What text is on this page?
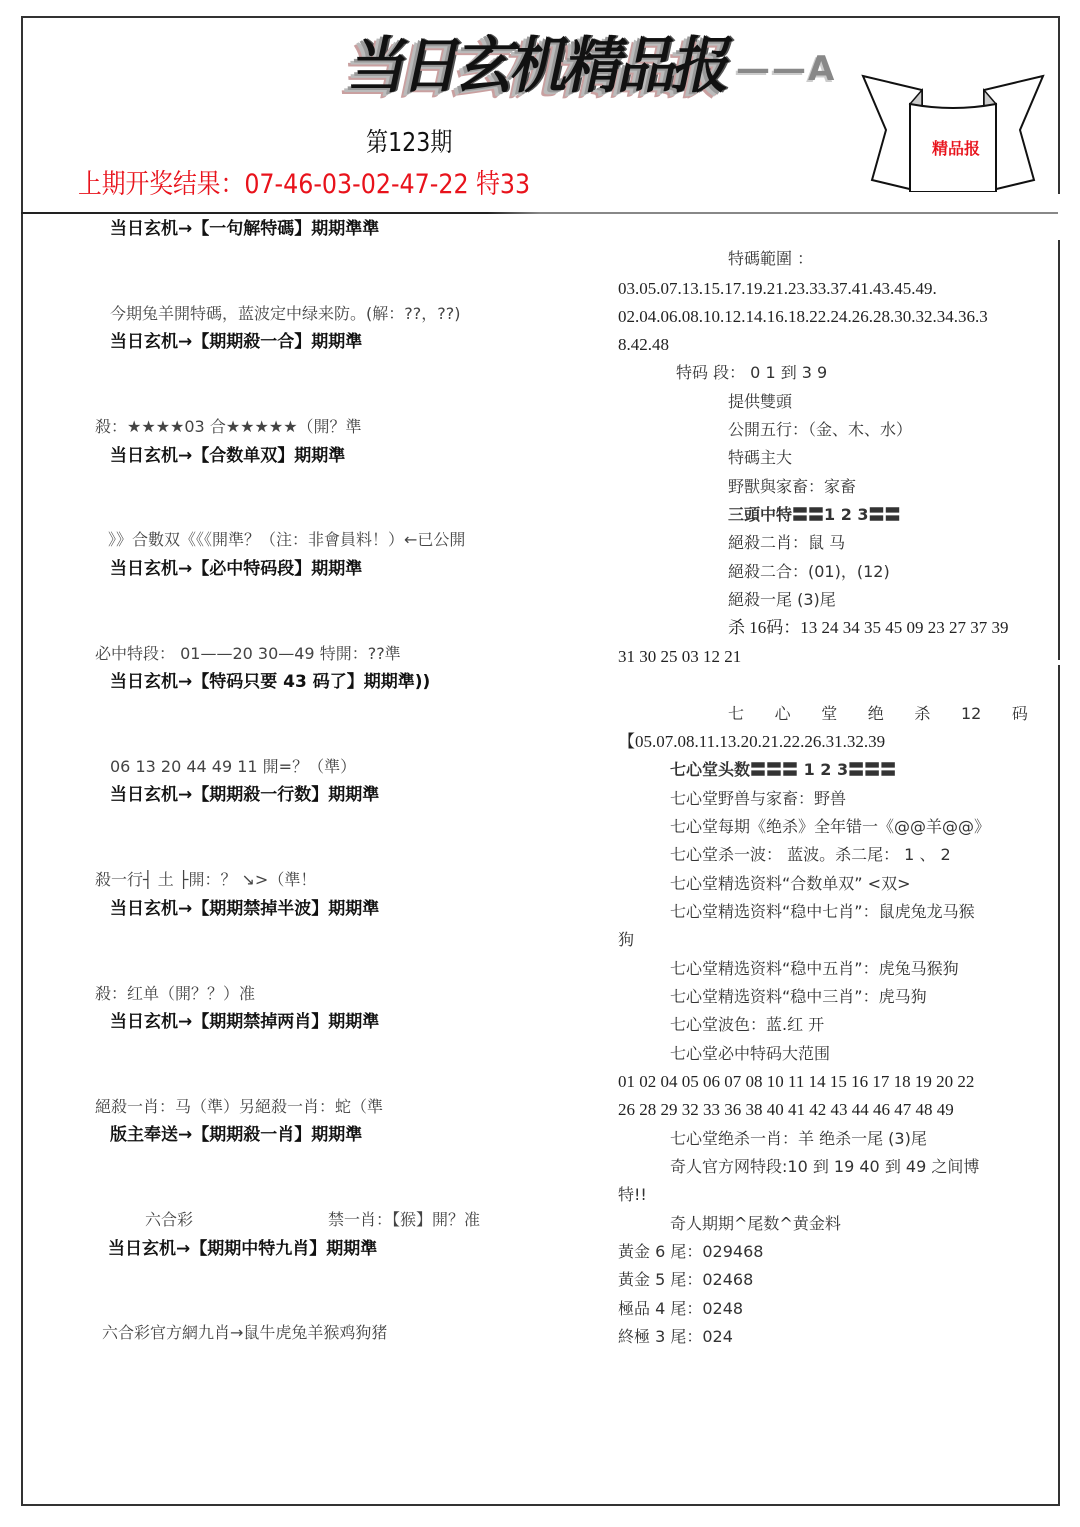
当日玄机精品报 ——A
第123期
上期开奖结果：07-46-03-02-47-22 特33
精品报
当日玄机→【一句解特碼】期期準準
今期兔羊開特碼，蓝波定中绿来防。(解：??，??)
当日玄机→【期期殺一合】期期準
殺：★★★★03 合★★★★★（開？準
当日玄机→【合数单双】期期準
》》合數双《《《開準？（注：非會員料！）←已公開
当日玄机→【必中特码段】期期準
必中特段： 01——20 30—49 特開：??準
当日玄机→【特码只要 43 码了】期期準))
06 13 20 44 49 11 開=？（準）
当日玄机→【期期殺一行数】期期準
殺一行┤ 土 ├開：？ ↘>（準！
当日玄机→【期期禁掉半波】期期準
殺：红单（開？？）准
当日玄机→【期期禁掉两肖】期期準
絕殺一肖：马（準）另絕殺一肖：蛇（準
版主奉送→【期期殺一肖】期期準
六合彩	禁一肖：【猴】開？准
当日玄机→【期期中特九肖】期期準
六合彩官方網九肖→鼠牛虎兔羊猴鸡狗猪
特碼範圍 ：
03.05.07.13.15.17.19.21.23.33.37.41.43.45.49.
02.04.06.08.10.12.14.16.18.22.24.26.28.30.32.34.36.3
8.42.48
特码 段： 0 1 到 3 9
提供雙頭
公開五行：（金、木、水）
特碼主大
野獸與家畜：家畜
三頭中特〓〓1 2 3〓〓
絕殺二肖：鼠 马
絕殺二合：(01)，(12)
絕殺一尾 (3)尾
杀 16码：13 24 34 35 45 09 23 27 37 39
31 30 25 03 12 21
七 心 堂 绝 杀 12 码
【05.07.08.11.13.20.21.22.26.31.32.39
七心堂头数〓〓〓 1 2 3〓〓〓
七心堂野兽与家畜：野兽
七心堂每期《绝杀》全年错一《@@羊@@》
七心堂杀一波： 蓝波。杀二尾： 1 、 2
七心堂精选资料“合数单双” <双>
七心堂精选资料“稳中七肖”：鼠虎兔龙马猴
狗
七心堂精选资料“稳中五肖”：虎兔马猴狗
七心堂精选资料“稳中三肖”：虎马狗
七心堂波色：蓝.红 开
七心堂必中特码大范围
01 02 04 05 06 07 08 10 11 14 15 16 17 18 19 20 22
26 28 29 32 33 36 38 40 41 42 43 44 46 47 48 49
七心堂绝杀一肖：羊 绝杀一尾 (3)尾
奇人官方网特段:10 到 19 40 到 49 之间博
特!!
奇人期期^尾数^黄金料
黃金 6 尾：029468
黃金 5 尾：02468
極品 4 尾：0248
終極 3 尾：024
